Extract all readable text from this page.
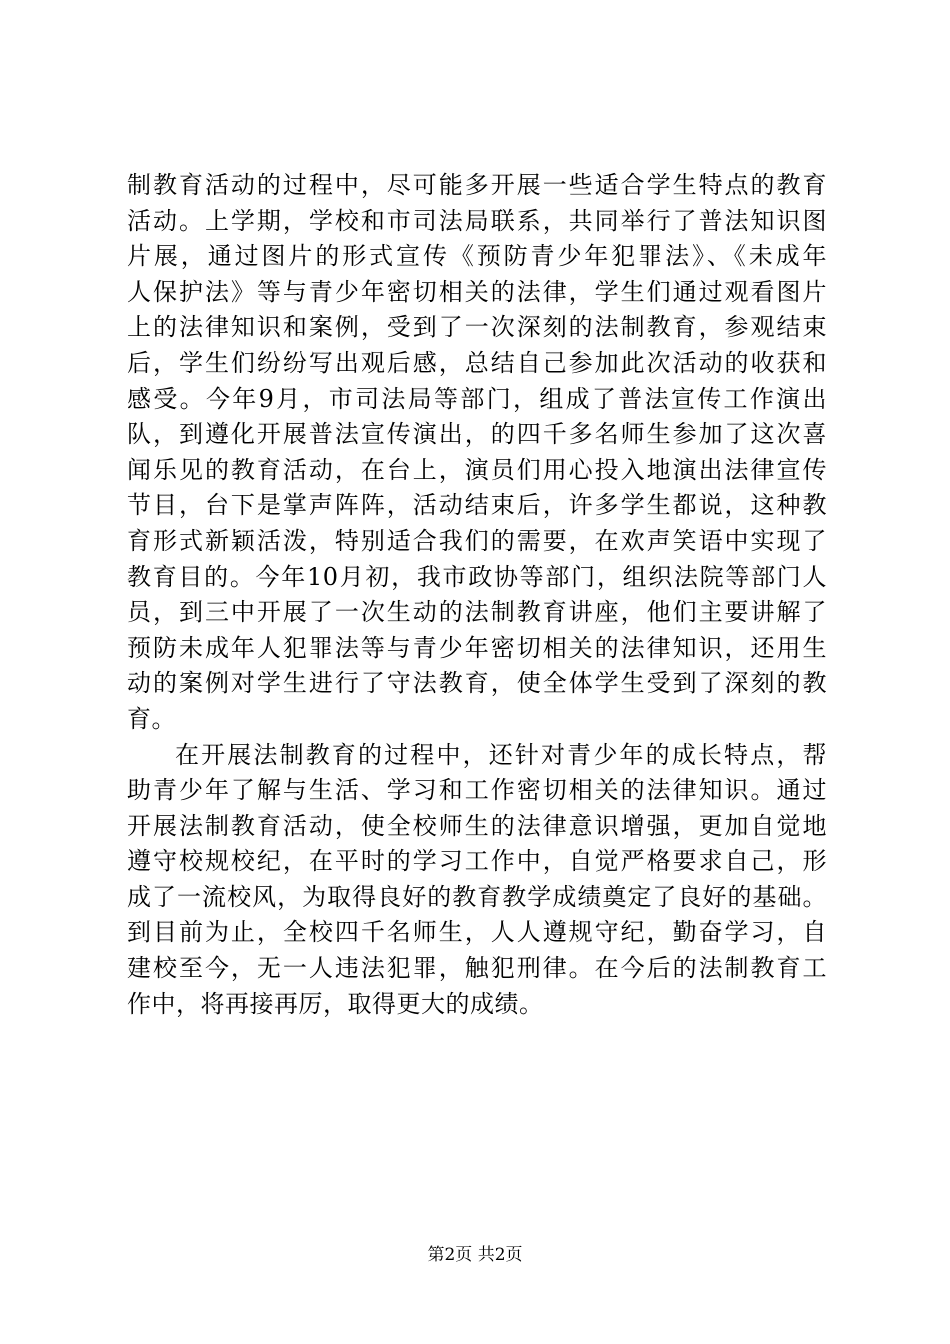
制教育活动的过程中，尽可能多开展一些适合学生特点的教育
活动。上学期，学校和市司法局联系，共同举行了普法知识图
片展，通过图片的形式宣传《预防青少年犯罪法》、《未成年
人保护法》等与青少年密切相关的法律，学生们通过观看图片
上的法律知识和案例，受到了一次深刻的法制教育，参观结束
后，学生们纷纷写出观后感，总结自己参加此次活动的收获和
感受。今年9月，市司法局等部门，组成了普法宣传工作演出
队，到遵化开展普法宣传演出，的四千多名师生参加了这次喜
闻乐见的教育活动，在台上，演员们用心投入地演出法律宣传
节目，台下是掌声阵阵，活动结束后，许多学生都说，这种教
育形式新颖活泼，特别适合我们的需要，在欢声笑语中实现了
教育目的。今年10月初，我市政协等部门，组织法院等部门人
员，到三中开展了一次生动的法制教育讲座，他们主要讲解了
预防未成年人犯罪法等与青少年密切相关的法律知识，还用生
动的案例对学生进行了守法教育，使全体学生受到了深刻的教
育。
在开展法制教育的过程中，还针对青少年的成长特点，帮
助青少年了解与生活、学习和工作密切相关的法律知识。通过
开展法制教育活动，使全校师生的法律意识增强，更加自觉地
遵守校规校纪，在平时的学习工作中，自觉严格要求自己，形
成了一流校风，为取得良好的教育教学成绩奠定了良好的基础。
到目前为止，全校四千名师生，人人遵规守纪，勤奋学习，自
建校至今，无一人违法犯罪，触犯刑律。在今后的法制教育工
作中，将再接再厉，取得更大的成绩。
第2页 共2页
